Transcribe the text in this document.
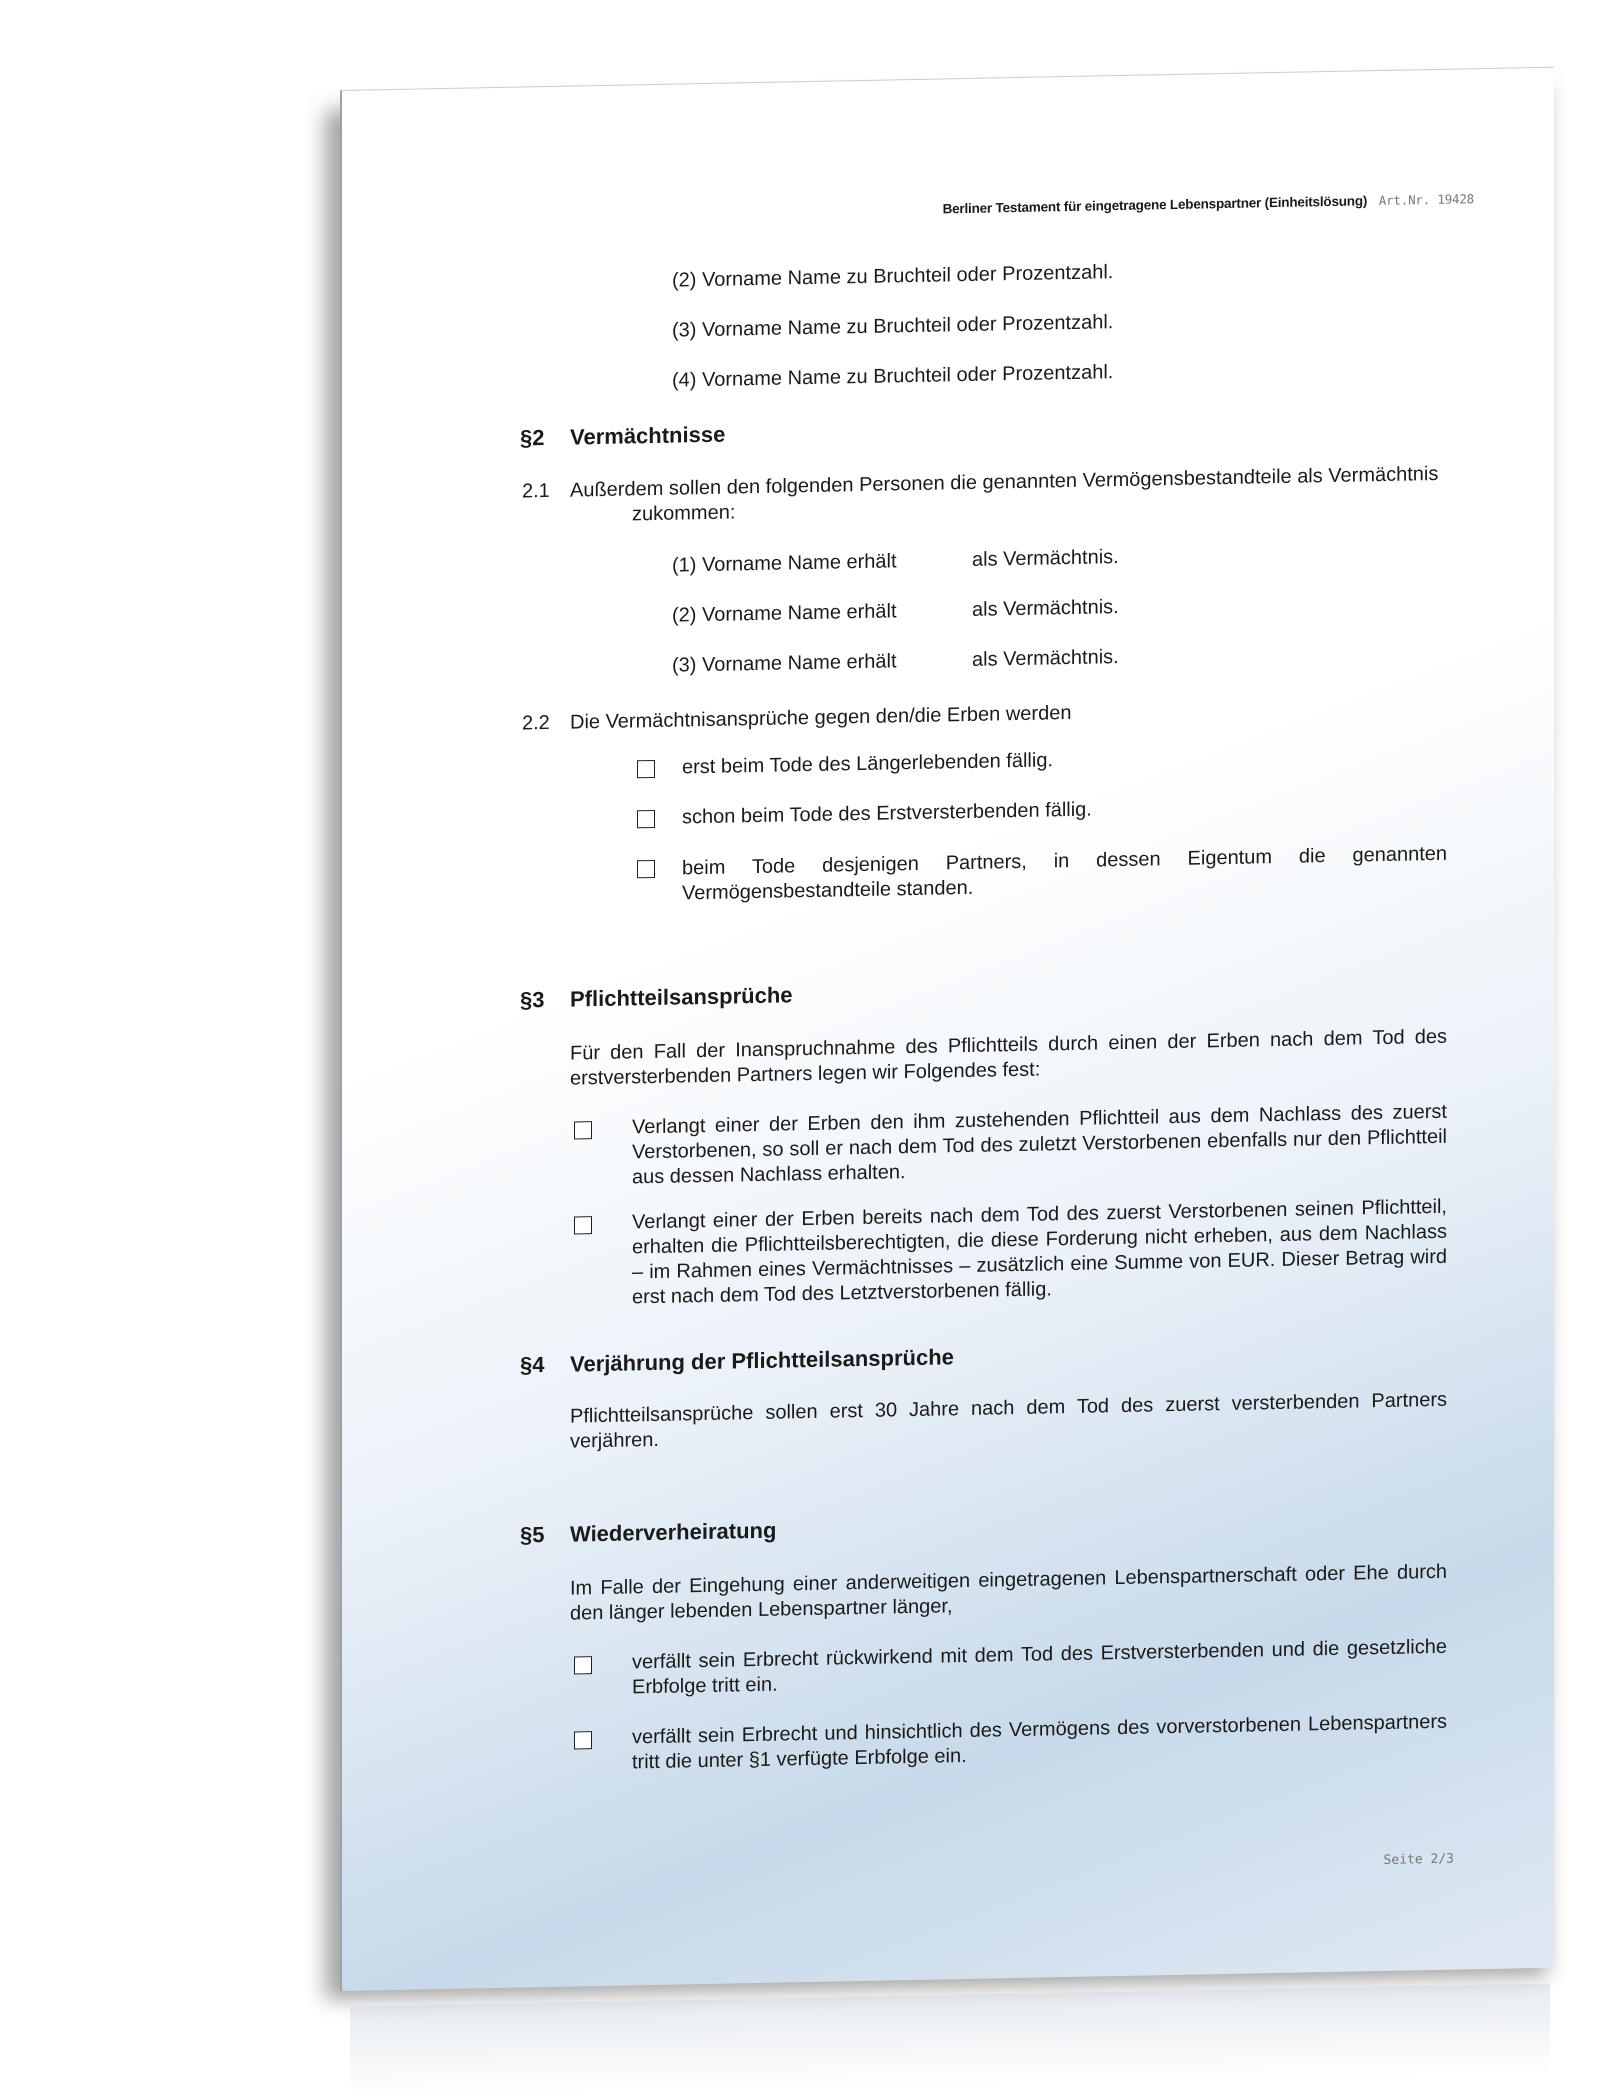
Berliner Testament für eingetragene Lebenspartner (Einheitslösung) Art.Nr. 19428
(2) Vorname Name zu Bruchteil oder Prozentzahl.
(3) Vorname Name zu Bruchteil oder Prozentzahl.
(4) Vorname Name zu Bruchteil oder Prozentzahl.
§2 Vermächtnisse
2.1 Außerdem sollen den folgenden Personen die genannten Vermögensbestandteile als Vermächtnis
zukommen:
(1) Vorname Name erhält	als Vermächtnis.
(2) Vorname Name erhält	als Vermächtnis.
(3) Vorname Name erhält	als Vermächtnis.
2.2 Die Vermächtnisansprüche gegen den/die Erben werden
erst beim Tode des Längerlebenden fällig.
schon beim Tode des Erstversterbenden fällig.
beim Tode desjenigen Partners, in dessen Eigentum die genannten Vermögensbestandteile standen.
§3 Pflichtteilsansprüche
Für den Fall der Inanspruchnahme des Pflichtteils durch einen der Erben nach dem Tod des erstversterbenden Partners legen wir Folgendes fest:
Verlangt einer der Erben den ihm zustehenden Pflichtteil aus dem Nachlass des zuerst Verstorbenen, so soll er nach dem Tod des zuletzt Verstorbenen ebenfalls nur den Pflichtteil aus dessen Nachlass erhalten.
Verlangt einer der Erben bereits nach dem Tod des zuerst Verstorbenen seinen Pflichtteil, erhalten die Pflichtteilsberechtigten, die diese Forderung nicht erheben, aus dem Nachlass – im Rahmen eines Vermächtnisses – zusätzlich eine Summe von EUR. Dieser Betrag wird erst nach dem Tod des Letztverstorbenen fällig.
§4 Verjährung der Pflichtteilsansprüche
Pflichtteilsansprüche sollen erst 30 Jahre nach dem Tod des zuerst versterbenden Partners verjähren.
§5 Wiederverheiratung
Im Falle der Eingehung einer anderweitigen eingetragenen Lebenspartnerschaft oder Ehe durch den länger lebenden Lebenspartner länger,
verfällt sein Erbrecht rückwirkend mit dem Tod des Erstversterbenden und die gesetzliche Erbfolge tritt ein.
verfällt sein Erbrecht und hinsichtlich des Vermögens des vorverstorbenen Lebenspartners tritt die unter §1 verfügte Erbfolge ein.
Seite 2/3
